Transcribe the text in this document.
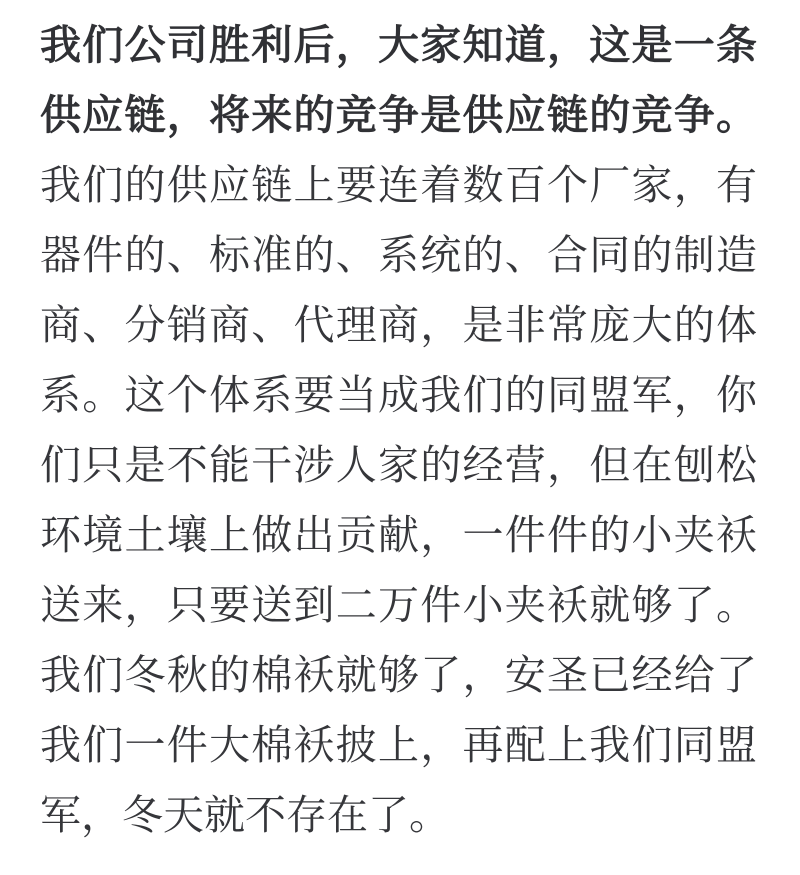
我们公司胜利后，大家知道，这是一条
供应链，将来的竞争是供应链的竞争。
我们的供应链上要连着数百个厂家，有
器件的、标准的、系统的、合同的制造
商、分销商、代理商，是非常庞大的体
系。这个体系要当成我们的同盟军，你
们只是不能干涉人家的经营，但在刨松
环境土壤上做出贡献，一件件的小夹袄
送来，只要送到二万件小夹袄就够了。
我们冬秋的棉袄就够了，安圣已经给了
我们一件大棉袄披上，再配上我们同盟
军，冬天就不存在了。
